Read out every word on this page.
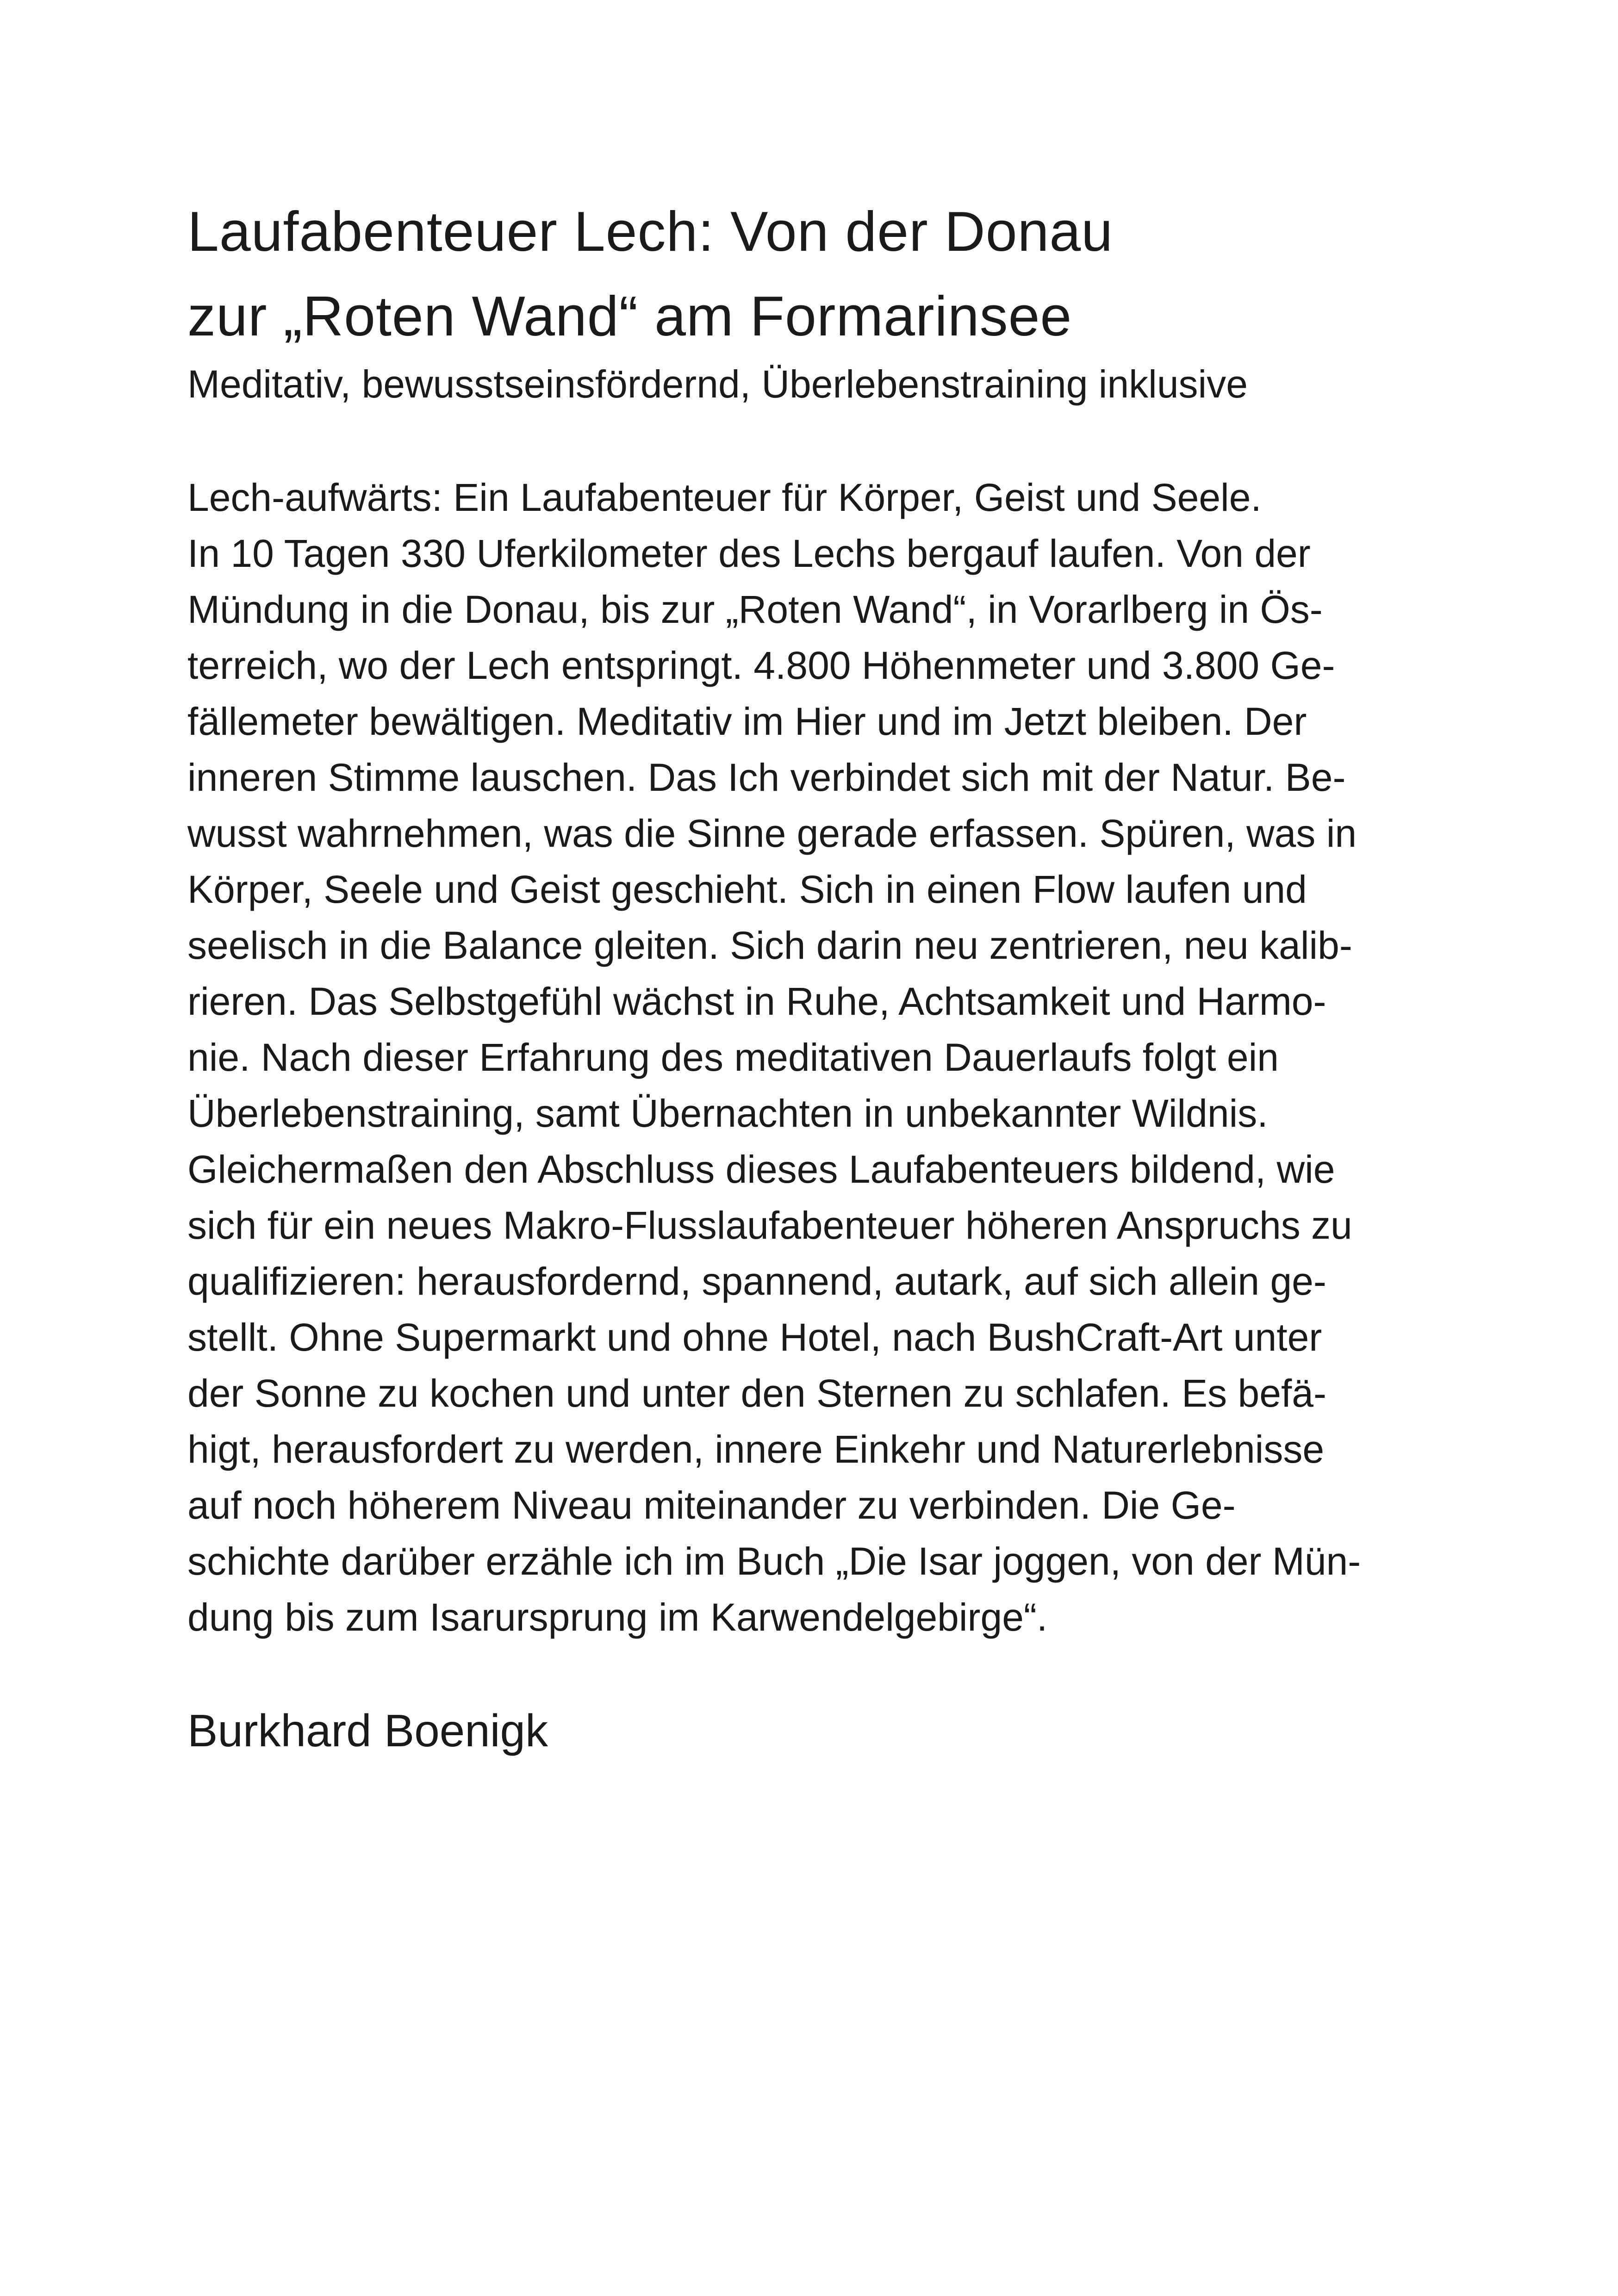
Laufabenteuer Lech: Von der Donau
zur „Roten Wand“ am Formarinsee

Meditativ, bewusstseinsfördernd, Überlebenstraining inklusive

Lech-aufwärts: Ein Laufabenteuer für Körper, Geist und Seele.
In 10 Tagen 330 Uferkilometer des Lechs bergauf laufen. Von der
Mündung in die Donau, bis zur „Roten Wand“, in Vorarlberg in Ös-
terreich, wo der Lech entspringt. 4.800 Höhenmeter und 3.800 Ge-
fällemeter bewältigen. Meditativ im Hier und im Jetzt bleiben. Der
inneren Stimme lauschen. Das Ich verbindet sich mit der Natur. Be-
wusst wahrnehmen, was die Sinne gerade erfassen. Spüren, was in
Körper, Seele und Geist geschieht. Sich in einen Flow laufen und
seelisch in die Balance gleiten. Sich darin neu zentrieren, neu kalib-
rieren. Das Selbstgefühl wächst in Ruhe, Achtsamkeit und Harmo-
nie. Nach dieser Erfahrung des meditativen Dauerlaufs folgt ein
Überlebenstraining, samt Übernachten in unbekannter Wildnis.
Gleichermaßen den Abschluss dieses Laufabenteuers bildend, wie
sich für ein neues Makro-Flusslaufabenteuer höheren Anspruchs zu
qualifizieren: herausfordernd, spannend, autark, auf sich allein ge-
stellt. Ohne Supermarkt und ohne Hotel, nach BushCraft-Art unter
der Sonne zu kochen und unter den Sternen zu schlafen. Es befä-
higt, herausfordert zu werden, innere Einkehr und Naturerlebnisse
auf noch höherem Niveau miteinander zu verbinden. Die Ge-
schichte darüber erzähle ich im Buch „Die Isar joggen, von der Mün-
dung bis zum Isarursprung im Karwendelgebirge“.

Burkhard Boenigk
